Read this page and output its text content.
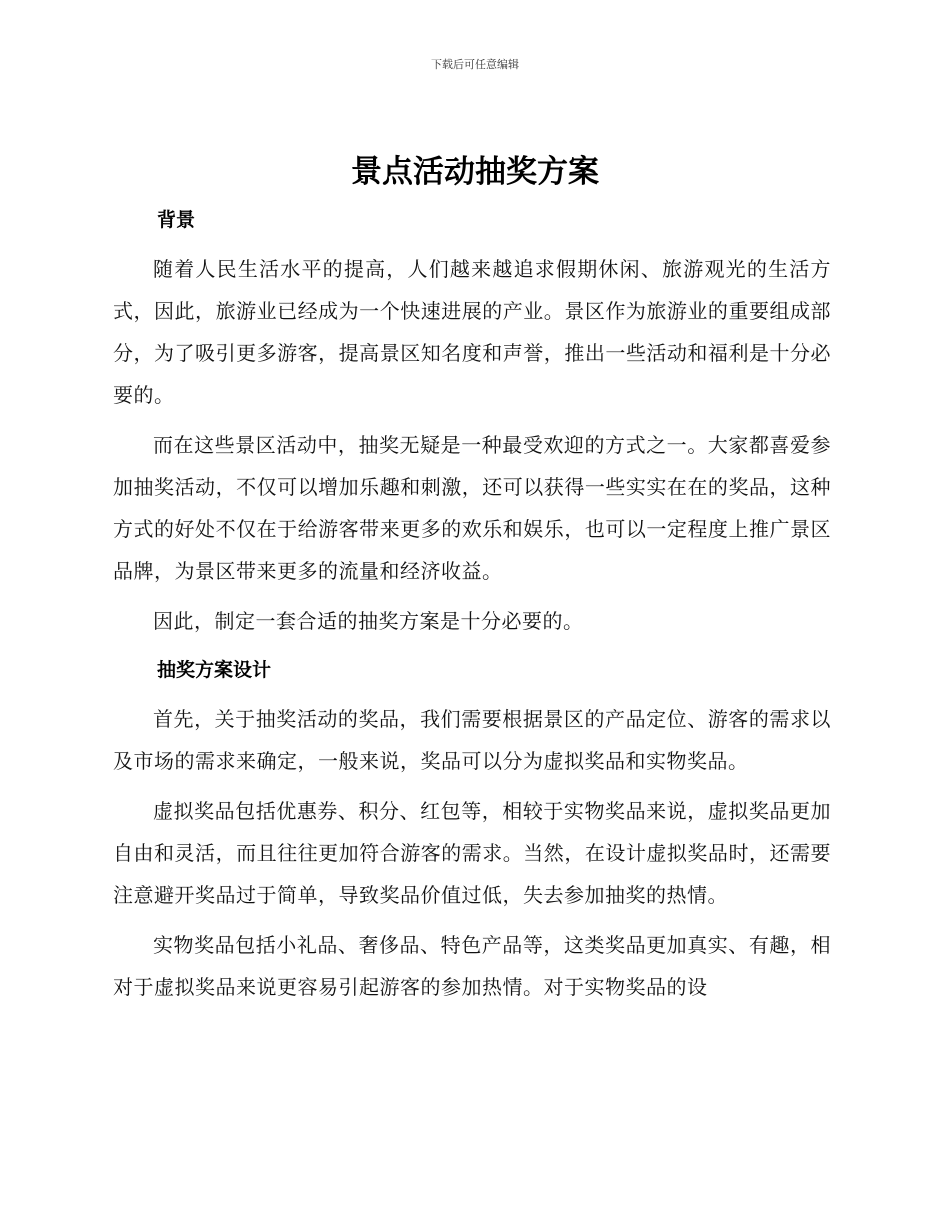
下载后可任意编辑
景点活动抽奖方案
背景

随着人民生活水平的提高，人们越来越追求假期休闲、旅游观光的生活方式，因此，旅游业已经成为一个快速进展的产业。景区作为旅游业的重要组成部分，为了吸引更多游客，提高景区知名度和声誉，推出一些活动和福利是十分必要的。

而在这些景区活动中，抽奖无疑是一种最受欢迎的方式之一。大家都喜爱参加抽奖活动，不仅可以增加乐趣和刺激，还可以获得一些实实在在的奖品，这种方式的好处不仅在于给游客带来更多的欢乐和娱乐，也可以一定程度上推广景区品牌，为景区带来更多的流量和经济收益。

因此，制定一套合适的抽奖方案是十分必要的。

抽奖方案设计

首先，关于抽奖活动的奖品，我们需要根据景区的产品定位、游客的需求以及市场的需求来确定，一般来说，奖品可以分为虚拟奖品和实物奖品。

虚拟奖品包括优惠券、积分、红包等，相较于实物奖品来说，虚拟奖品更加自由和灵活，而且往往更加符合游客的需求。当然，在设计虚拟奖品时，还需要注意避开奖品过于简单，导致奖品价值过低，失去参加抽奖的热情。

实物奖品包括小礼品、奢侈品、特色产品等，这类奖品更加真实、有趣，相对于虚拟奖品来说更容易引起游客的参加热情。对于实物奖品的设
